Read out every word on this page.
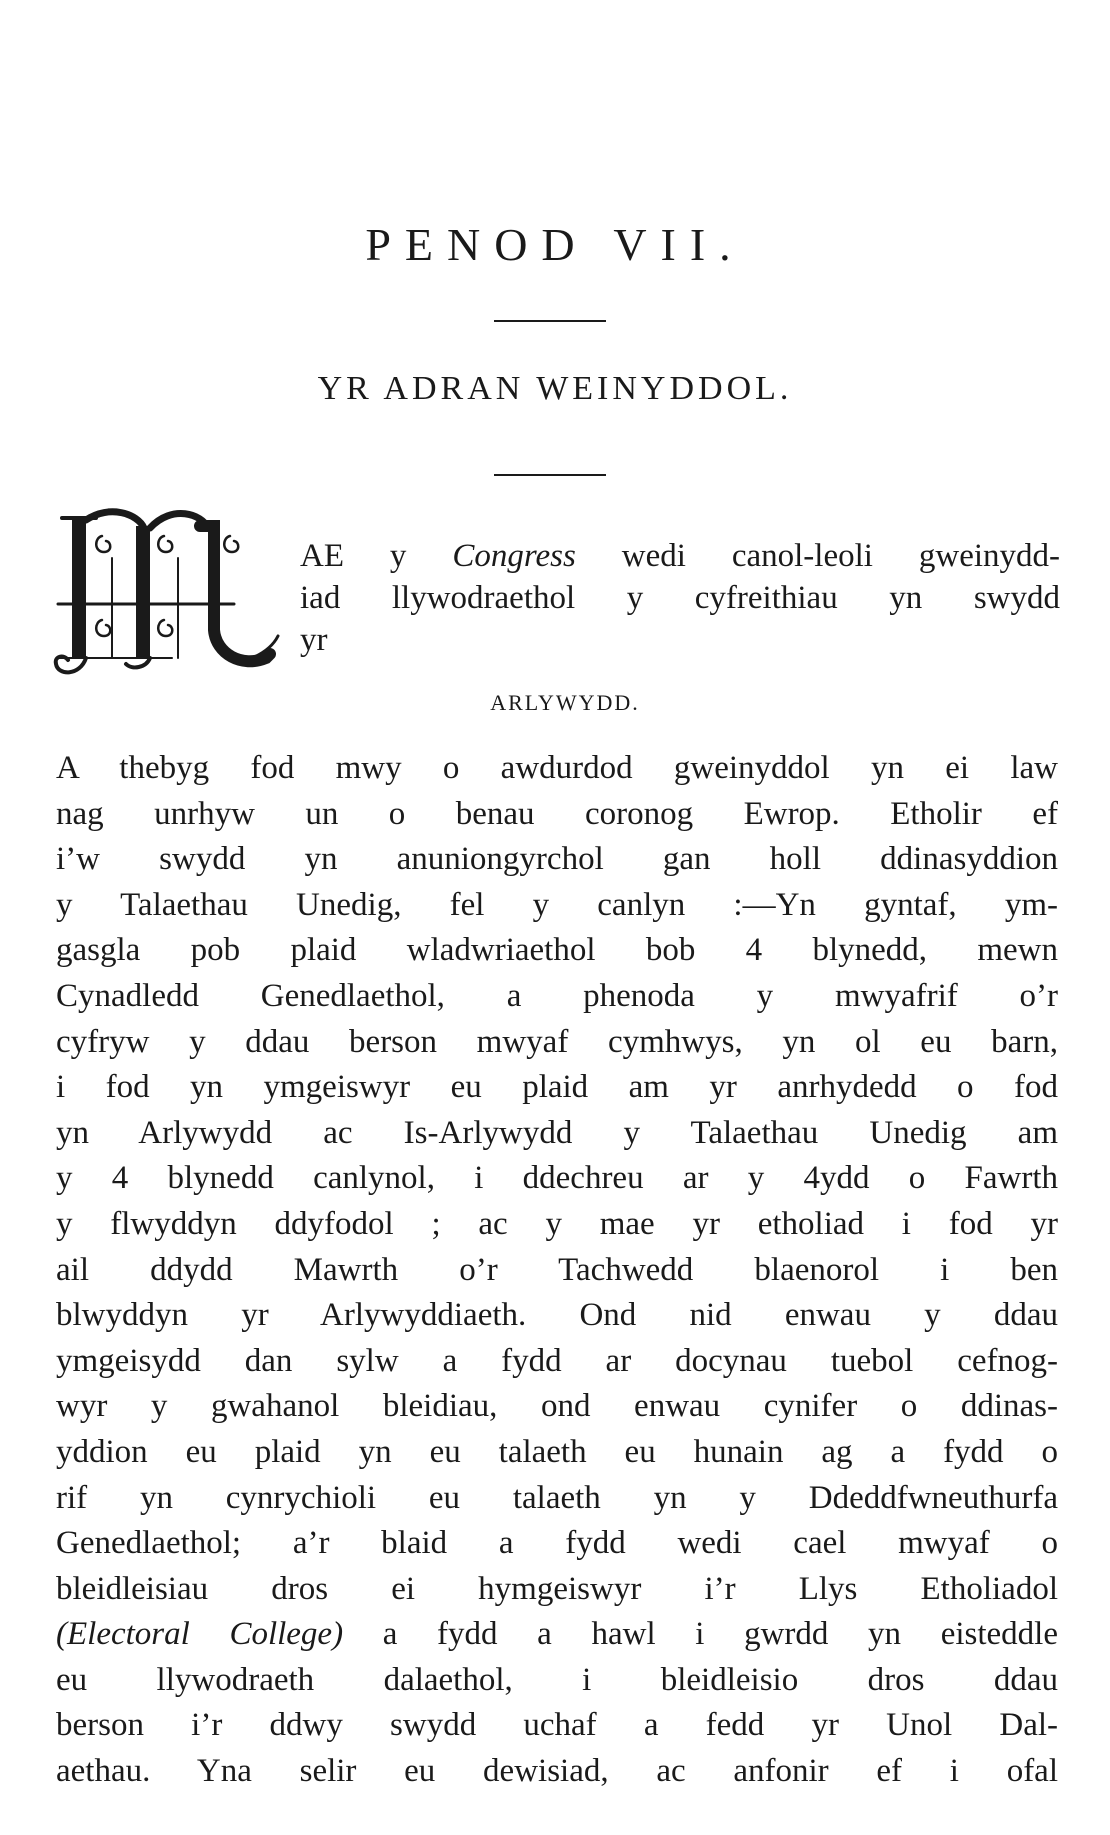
PENOD VII.
YR ADRAN WEINYDDOL.
AE y Congress wedi canol-leoli gweinydd-
iad llywodraethol y cyfreithiau yn swydd
yr
ARLYWYDD.
A thebyg fod mwy o awdurdod gweinyddol yn ei law
nag unrhyw un o benau coronog Ewrop. Etholir ef
i’w swydd yn anuniongyrchol gan holl ddinasyddion
y Talaethau Unedig, fel y canlyn :—Yn gyntaf, ym-
gasgla pob plaid wladwriaethol bob 4 blynedd, mewn
Cynadledd Genedlaethol, a phenoda y mwyafrif o’r
cyfryw y ddau berson mwyaf cymhwys, yn ol eu barn,
i fod yn ymgeiswyr eu plaid am yr anrhydedd o fod
yn Arlywydd ac Is-Arlywydd y Talaethau Unedig am
y 4 blynedd canlynol, i ddechreu ar y 4ydd o Fawrth
y flwyddyn ddyfodol ; ac y mae yr etholiad i fod yr
ail ddydd Mawrth o’r Tachwedd blaenorol i ben
blwyddyn yr Arlywyddiaeth. Ond nid enwau y ddau
ymgeisydd dan sylw a fydd ar docynau tuebol cefnog-
wyr y gwahanol bleidiau, ond enwau cynifer o ddinas-
yddion eu plaid yn eu talaeth eu hunain ag a fydd o
rif yn cynrychioli eu talaeth yn y Ddeddfwneuthurfa
Genedlaethol; a’r blaid a fydd wedi cael mwyaf o
bleidleisiau dros ei hymgeiswyr i’r Llys Etholiadol
(Electoral College) a fydd a hawl i gwrdd yn eisteddle
eu llywodraeth dalaethol, i bleidleisio dros ddau
berson i’r ddwy swydd uchaf a fedd yr Unol Dal-
aethau. Yna selir eu dewisiad, ac anfonir ef i ofal
